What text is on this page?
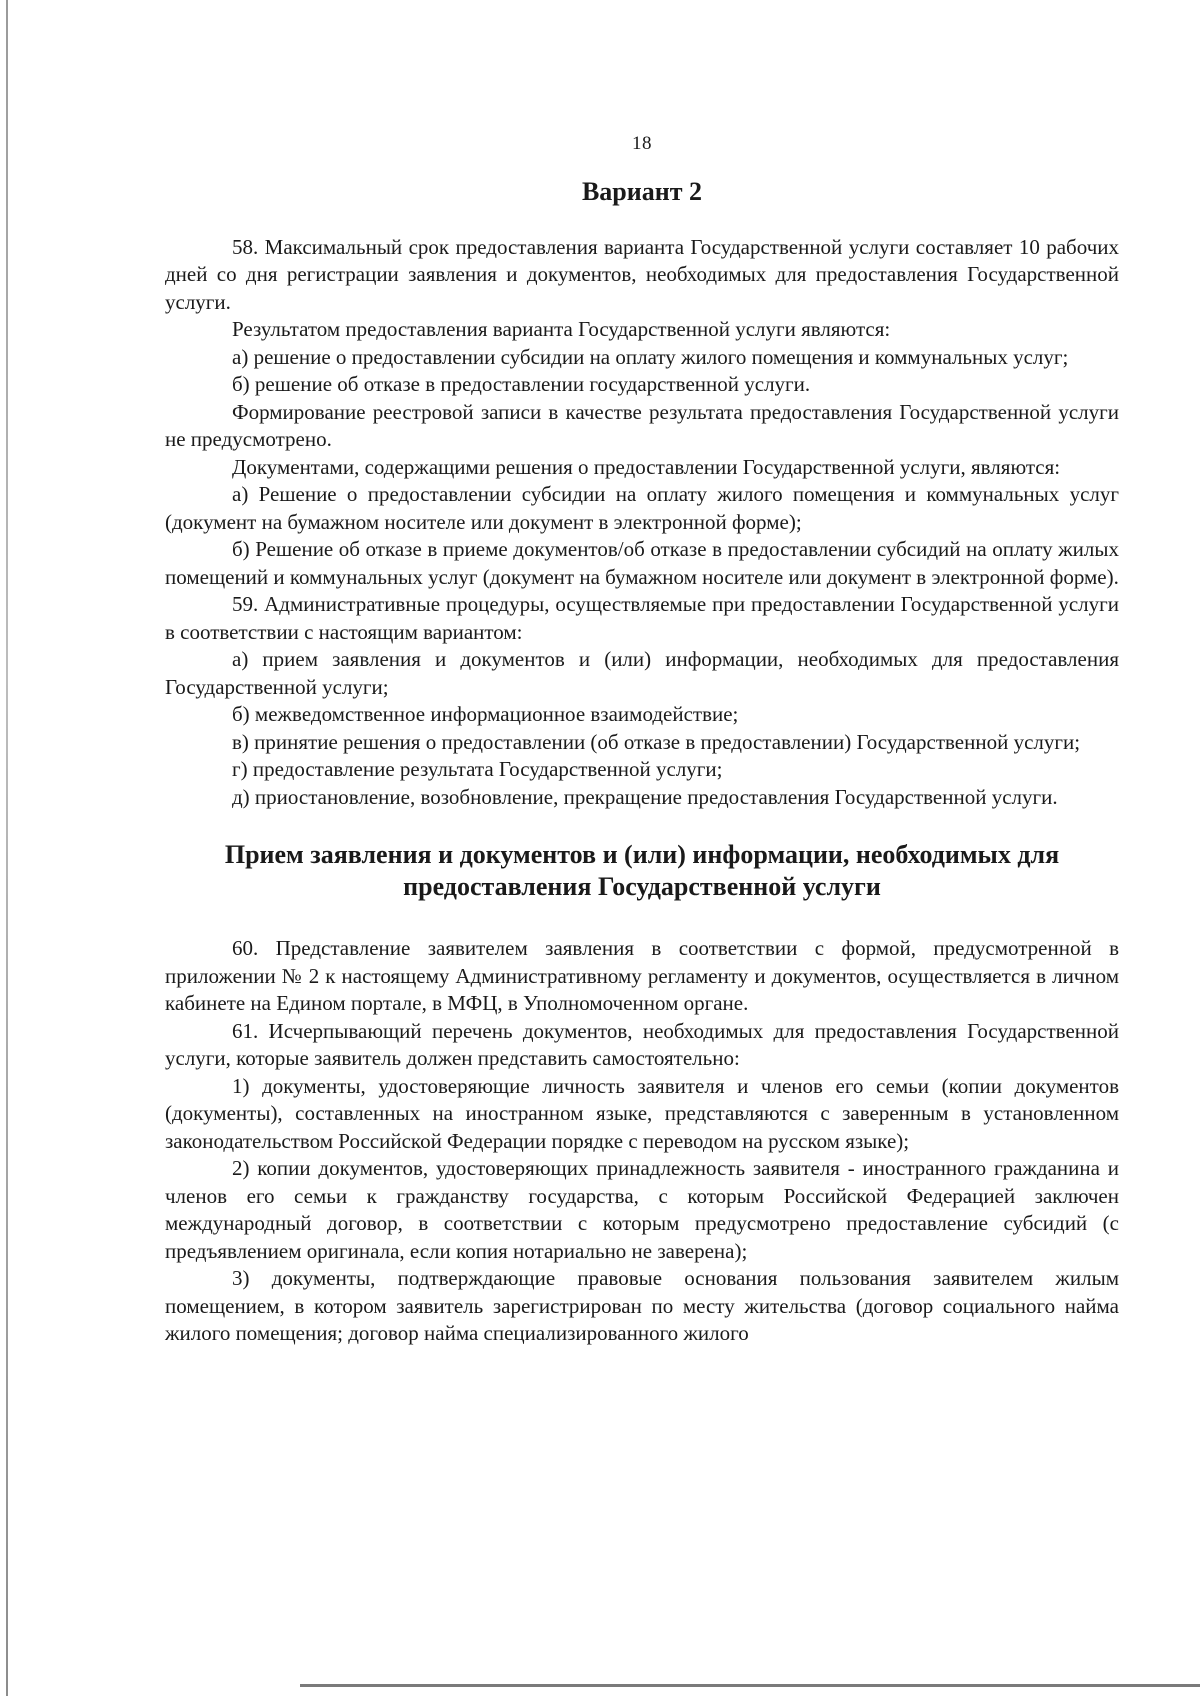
18
Вариант 2

58. Максимальный срок предоставления варианта Государственной услуги составляет 10 рабочих дней со дня регистрации заявления и документов, необходимых для предоставления Государственной услуги.

Результатом предоставления варианта Государственной услуги являются:

а) решение о предоставлении субсидии на оплату жилого помещения и коммунальных услуг;

б) решение об отказе в предоставлении государственной услуги.

Формирование реестровой записи в качестве результата предоставления Государственной услуги не предусмотрено.

Документами, содержащими решения о предоставлении Государственной услуги, являются:

а) Решение о предоставлении субсидии на оплату жилого помещения и коммунальных услуг (документ на бумажном носителе или документ в электронной форме);

б) Решение об отказе в приеме документов/об отказе в предоставлении субсидий на оплату жилых помещений и коммунальных услуг (документ на бумажном носителе или документ в электронной форме).

59. Административные процедуры, осуществляемые при предоставлении Государственной услуги в соответствии с настоящим вариантом:

а) прием заявления и документов и (или) информации, необходимых для предоставления Государственной услуги;

б) межведомственное информационное взаимодействие;

в) принятие решения о предоставлении (об отказе в предоставлении) Государственной услуги;

г) предоставление результата Государственной услуги;

д) приостановление, возобновление, прекращение предоставления Государственной услуги.

Прием заявления и документов и (или) информации, необходимых для предоставления Государственной услуги

60. Представление заявителем заявления в соответствии с формой, предусмотренной в приложении № 2 к настоящему Административному регламенту и документов, осуществляется в личном кабинете на Едином портале, в МФЦ, в Уполномоченном органе.

61. Исчерпывающий перечень документов, необходимых для предоставления Государственной услуги, которые заявитель должен представить самостоятельно:

1) документы, удостоверяющие личность заявителя и членов его семьи (копии документов (документы), составленных на иностранном языке, представляются с заверенным в установленном законодательством Российской Федерации порядке с переводом на русском языке);

2) копии документов, удостоверяющих принадлежность заявителя - иностранного гражданина и членов его семьи к гражданству государства, с которым Российской Федерацией заключен международный договор, в соответствии с которым предусмотрено предоставление субсидий (с предъявлением оригинала, если копия нотариально не заверена);

3) документы, подтверждающие правовые основания пользования заявителем жилым помещением, в котором заявитель зарегистрирован по месту жительства (договор социального найма жилого помещения; договор найма специализированного жилого
